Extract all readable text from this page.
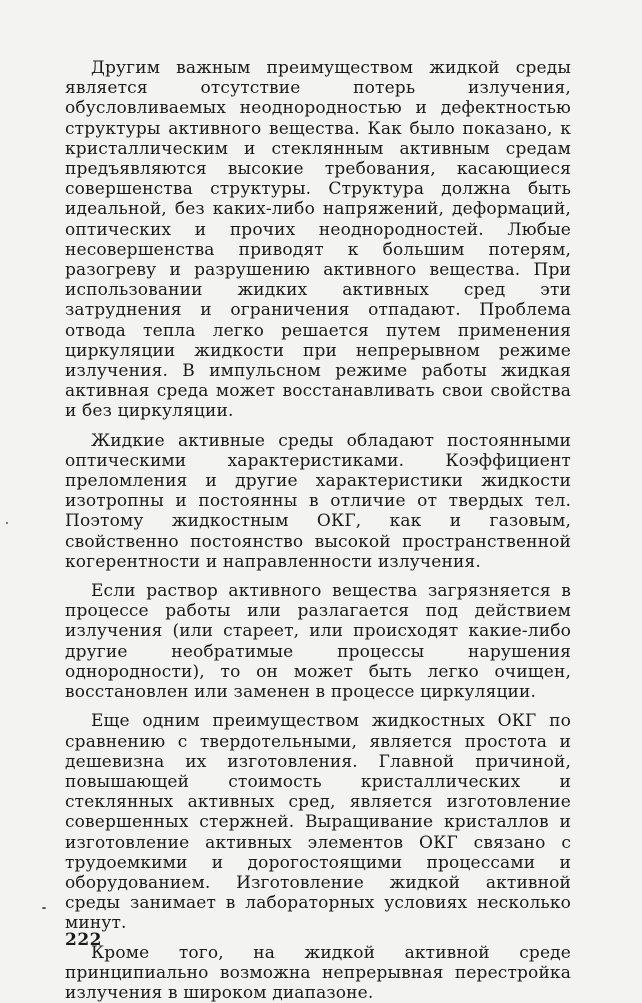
Другим важным преимуществом жидкой среды является отсутствие потерь излучения, обусловливаемых неоднородностью и дефектностью структуры активного вещества. Как было показано, к кристаллическим и стеклянным активным средам предъявляются высокие требования, касающиеся совершенства структуры. Структура должна быть идеальной, без каких-либо напряжений, деформаций, оптических и прочих неоднородностей. Любые несовершенства приводят к большим потерям, разогреву и разрушению активного вещества. При использовании жидких активных сред эти затруднения и ограничения отпадают. Проблема отвода тепла легко решается путем применения циркуляции жидкости при непрерывном режиме излучения. В импульсном режиме работы жидкая активная среда может восстанавливать свои свойства и без циркуляции.

Жидкие активные среды обладают постоянными оптическими характеристиками. Коэффициент преломления и другие характеристики жидкости изотропны и постоянны в отличие от твердых тел. Поэтому жидкостным ОКГ, как и газовым, свойственно постоянство высокой пространственной когерентности и направленности излучения.

Если раствор активного вещества загрязняется в процессе работы или разлагается под действием излучения (или стареет, или происходят какие-либо другие необратимые процессы нарушения однородности), то он может быть легко очищен, восстановлен или заменен в процессе циркуляции.

Еще одним преимуществом жидкостных ОКГ по сравнению с твердотельными, является простота и дешевизна их изготовления. Главной причиной, повышающей стоимость кристаллических и стеклянных активных сред, является изготовление совершенных стержней. Выращивание кристаллов и изготовление активных элементов ОКГ связано с трудоемкими и дорогостоящими процессами и оборудованием. Изготовление жидкой активной среды занимает в лабораторных условиях несколько минут.

Кроме того, на жидкой активной среде принципиально возможна непрерывная перестройка излучения в широком диапазоне.

222
